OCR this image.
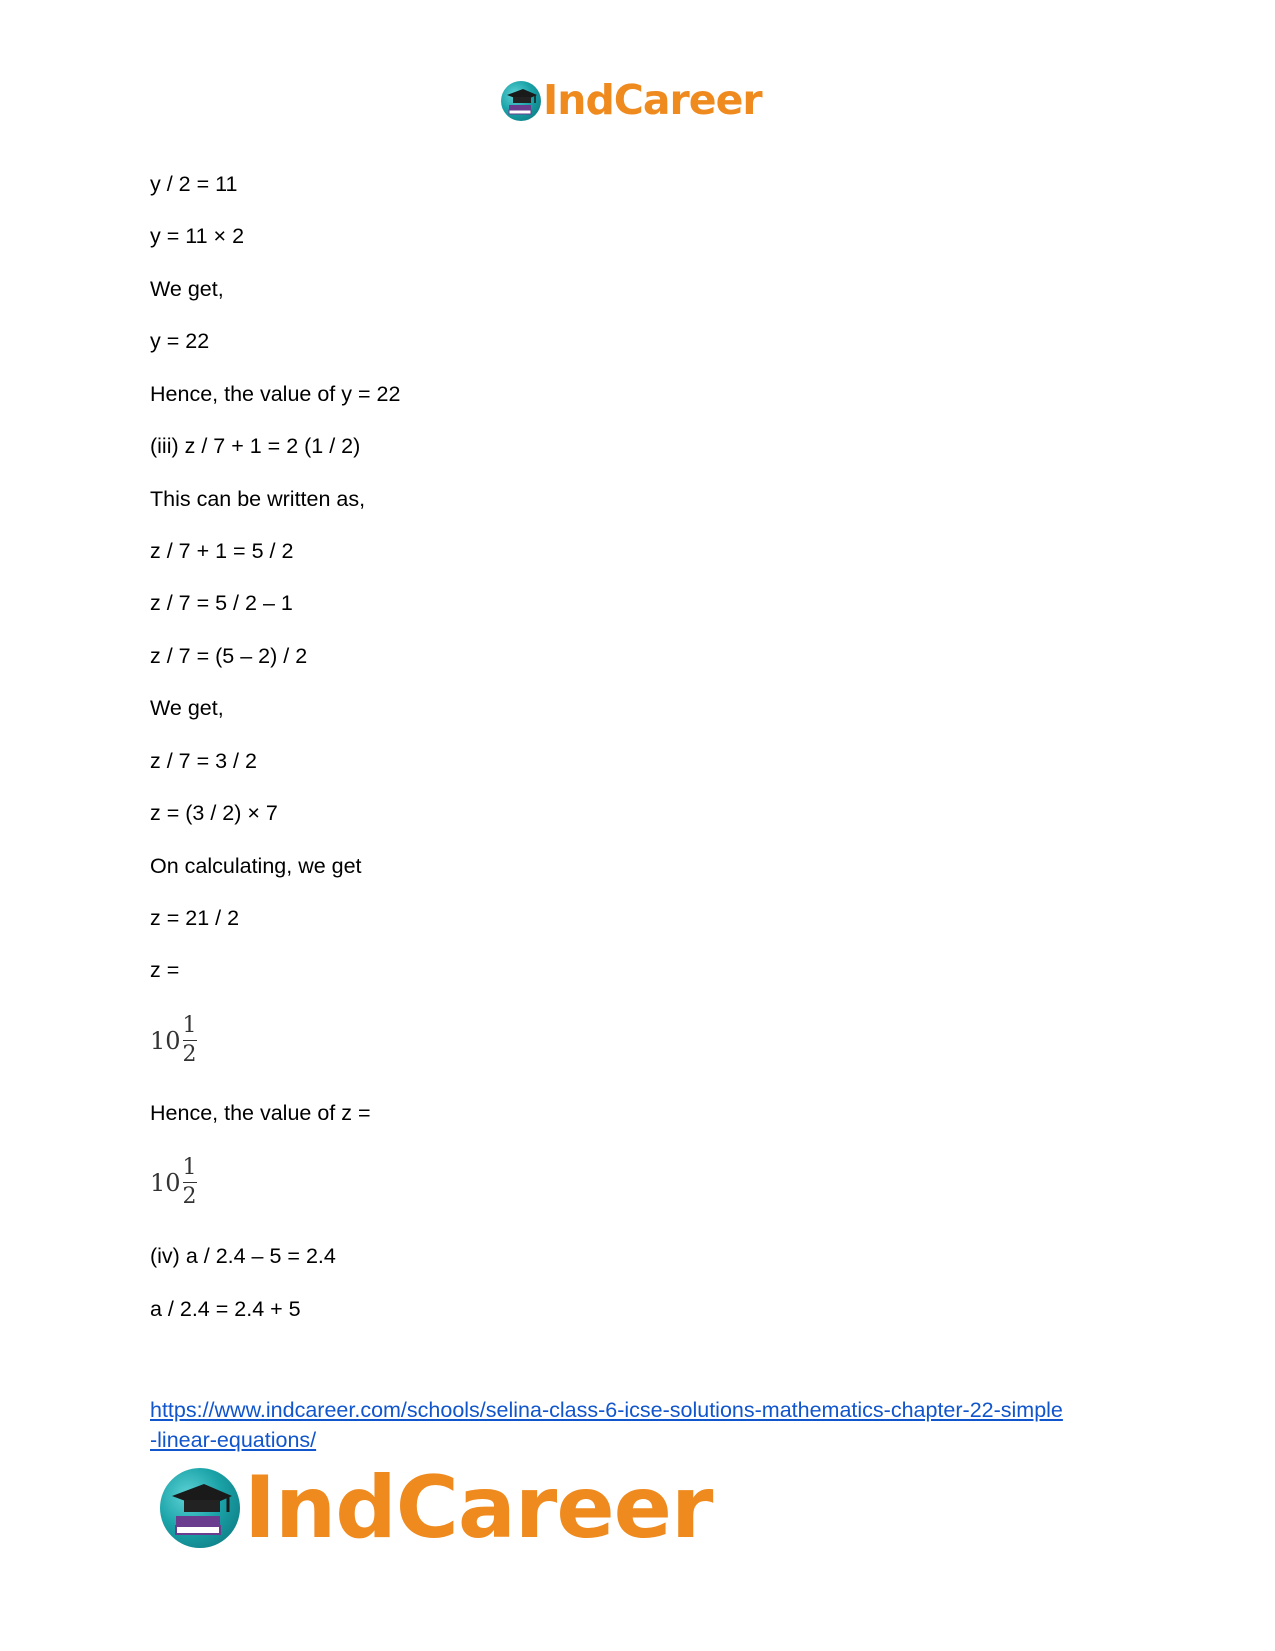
IndCareer
y / 2 = 11
y = 11 × 2
We get,
y = 22
Hence, the value of y = 22
(iii) z / 7 + 1 = 2 (1 / 2)
This can be written as,
z / 7 + 1 = 5 / 2
z / 7 = 5 / 2 – 1
z / 7 = (5 – 2) / 2
We get,
z / 7 = 3 / 2
z = (3 / 2) × 7
On calculating, we get
z = 21 / 2
z =
$10 \frac{1}{2}$
Hence, the value of z =
$10 \frac{1}{2}$
(iv) a / 2.4 – 5 = 2.4
a / 2.4 = 2.4 + 5
https://www.indcareer.com/schools/selina-class-6-icse-solutions-mathematics-chapter-22-simple
-linear-equations/
IndCareer
